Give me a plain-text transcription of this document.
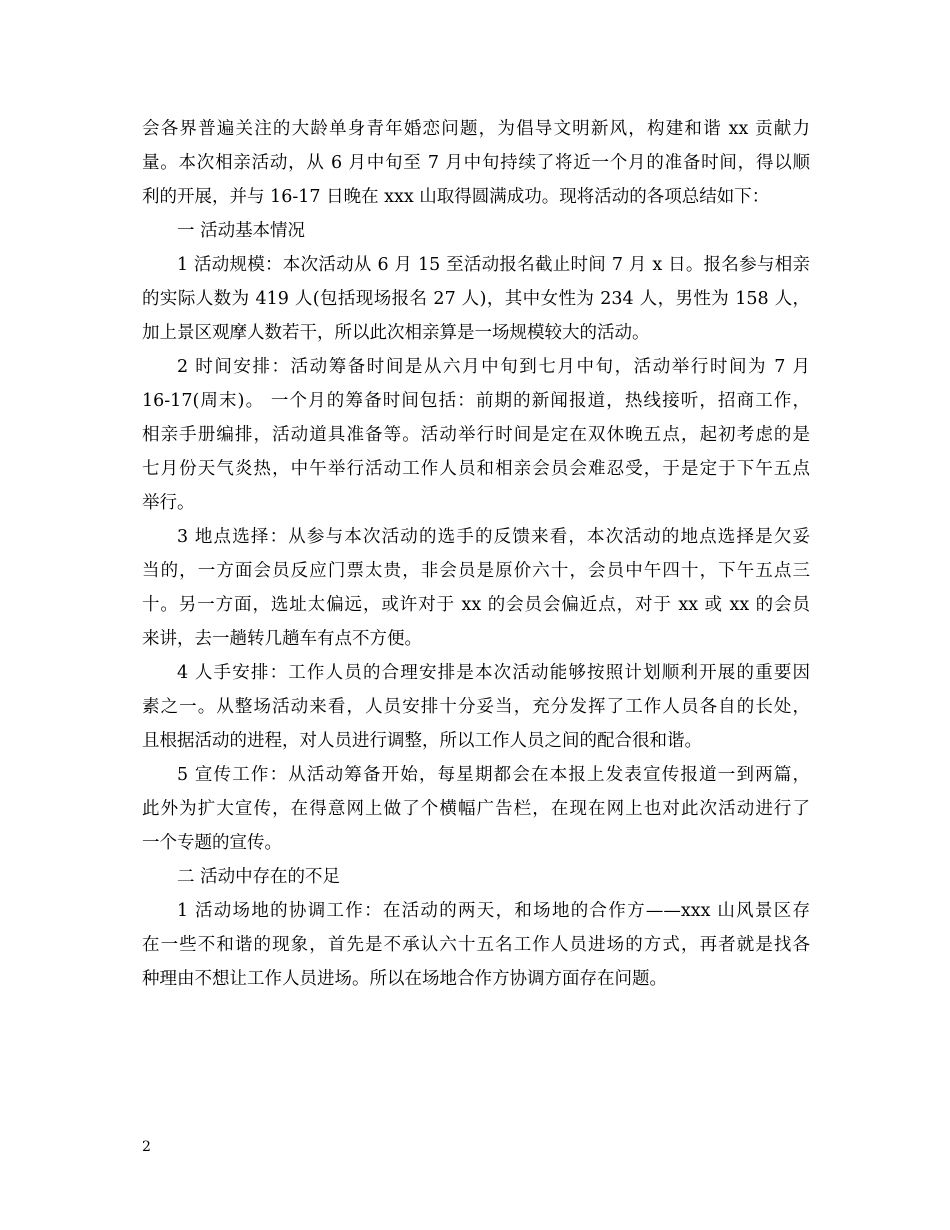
会各界普遍关注的大龄单身青年婚恋问题，为倡导文明新风，构建和谐 xx 贡献力
量。本次相亲活动，从 6 月中旬至 7 月中旬持续了将近一个月的准备时间，得以顺
利的开展，并与 16-17 日晚在 xxx 山取得圆满成功。现将活动的各项总结如下：
一 活动基本情况
1 活动规模：本次活动从 6 月 15 至活动报名截止时间 7 月 x 日。报名参与相亲
的实际人数为 419 人(包括现场报名 27 人)，其中女性为 234 人，男性为 158 人，
加上景区观摩人数若干，所以此次相亲算是一场规模较大的活动。
2 时间安排：活动筹备时间是从六月中旬到七月中旬，活动举行时间为 7 月
16-17(周末)。 一个月的筹备时间包括：前期的新闻报道，热线接听，招商工作，
相亲手册编排，活动道具准备等。活动举行时间是定在双休晚五点，起初考虑的是
七月份天气炎热，中午举行活动工作人员和相亲会员会难忍受，于是定于下午五点
举行。
3 地点选择：从参与本次活动的选手的反馈来看，本次活动的地点选择是欠妥
当的，一方面会员反应门票太贵，非会员是原价六十，会员中午四十，下午五点三
十。另一方面，选址太偏远，或许对于 xx 的会员会偏近点，对于 xx 或 xx 的会员
来讲，去一趟转几趟车有点不方便。
4 人手安排：工作人员的合理安排是本次活动能够按照计划顺利开展的重要因
素之一。从整场活动来看，人员安排十分妥当，充分发挥了工作人员各自的长处，
且根据活动的进程，对人员进行调整，所以工作人员之间的配合很和谐。
5 宣传工作：从活动筹备开始，每星期都会在本报上发表宣传报道一到两篇，
此外为扩大宣传，在得意网上做了个横幅广告栏，在现在网上也对此次活动进行了
一个专题的宣传。
二 活动中存在的不足
1 活动场地的协调工作：在活动的两天，和场地的合作方——xxx 山风景区存
在一些不和谐的现象，首先是不承认六十五名工作人员进场的方式，再者就是找各
种理由不想让工作人员进场。所以在场地合作方协调方面存在问题。
2
